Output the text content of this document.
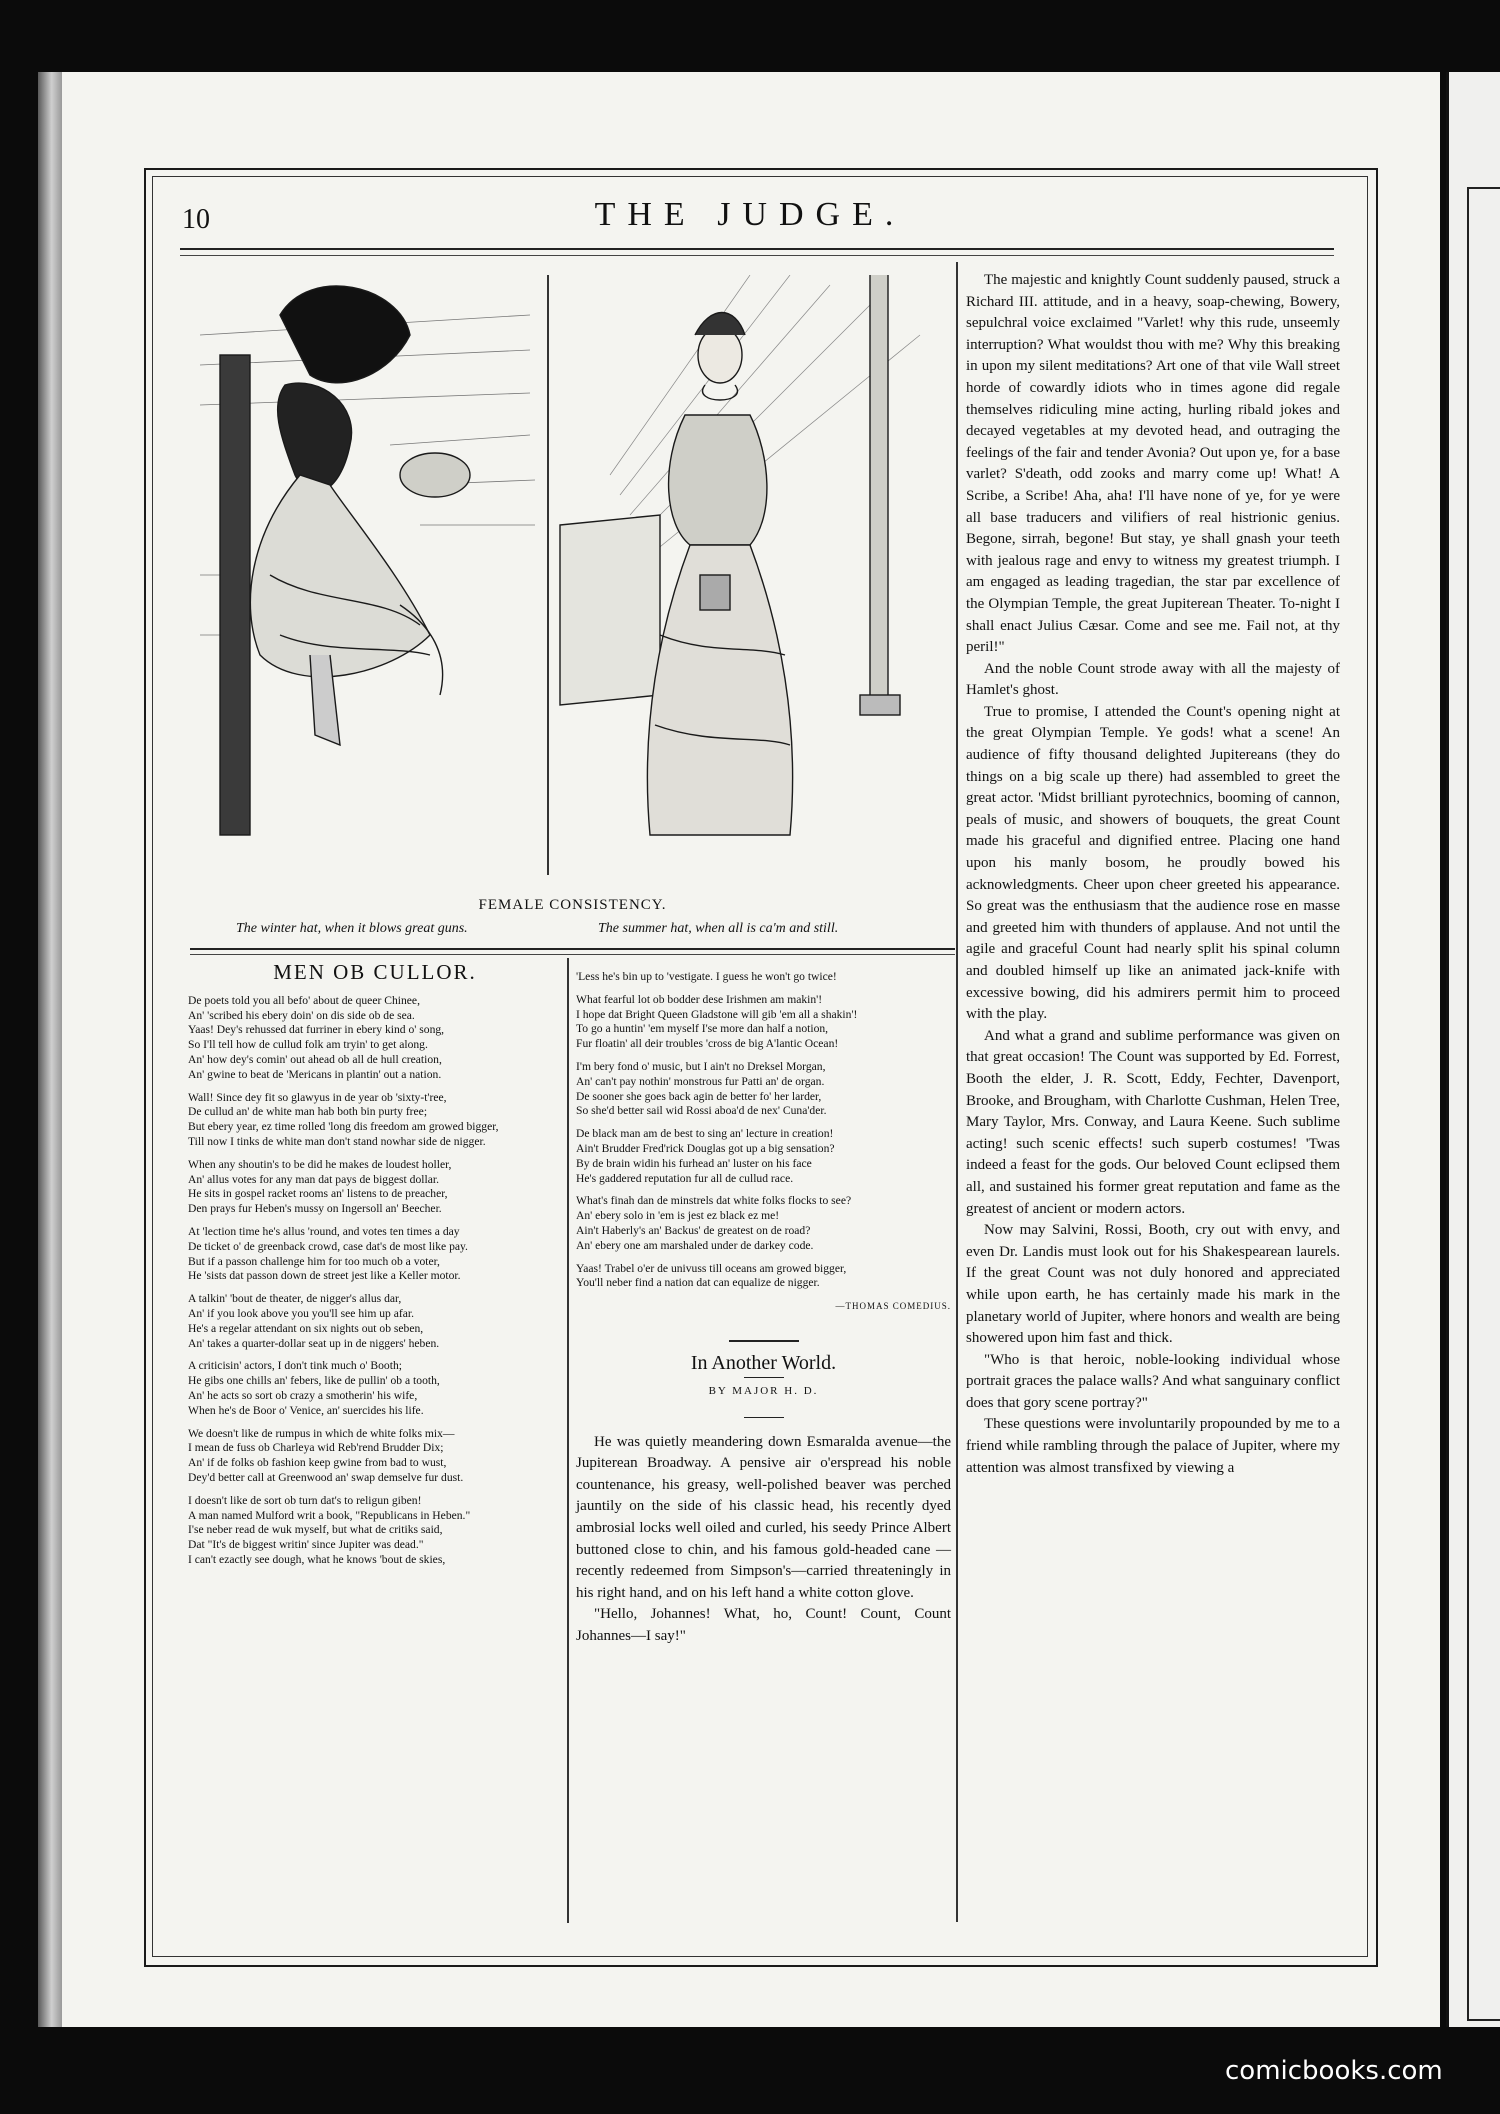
10	THE JUDGE.
FEMALE CONSISTENCY.
The winter hat, when it blows great guns.	The summer hat, when all is ca'm and still.
MEN OB CULLOR.
De poets told you all befo' about de queer Chinee,
An' 'scribed his ebery doin' on dis side ob de sea.
Yaas! Dey's rehussed dat furriner in ebery kind o' song,
So I'll tell how de cullud folk am tryin' to get along.
An' how dey's comin' out ahead ob all de hull creation,
An' gwine to beat de 'Mericans in plantin' out a nation.
Wall! Since dey fit so glawyus in de year ob 'sixty-t'ree,
De cullud an' de white man hab both bin purty free;
But ebery year, ez time rolled 'long dis freedom am growed bigger,
Till now I tinks de white man don't stand nowhar side de nigger.
When any shoutin's to be did he makes de loudest holler,
An' allus votes for any man dat pays de biggest dollar.
He sits in gospel racket rooms an' listens to de preacher,
Den prays fur Heben's mussy on Ingersoll an' Beecher.
At 'lection time he's allus 'round, and votes ten times a day
De ticket o' de greenback crowd, case dat's de most like pay.
But if a passon challenge him for too much ob a voter,
He 'sists dat passon down de street jest like a Keller motor.
A talkin' 'bout de theater, de nigger's allus dar,
An' if you look above you you'll see him up afar.
He's a regelar attendant on six nights out ob seben,
An' takes a quarter-dollar seat up in de niggers' heben.
A criticisin' actors, I don't tink much o' Booth;
He gibs one chills an' febers, like de pullin' ob a tooth,
An' he acts so sort ob crazy a smotherin' his wife,
When he's de Boor o' Venice, an' suercides his life.
We doesn't like de rumpus in which de white folks mix—
I mean de fuss ob Charleya wid Reb'rend Brudder Dix;
An' if de folks ob fashion keep gwine from bad to wust,
Dey'd better call at Greenwood an' swap demselve fur dust.
I doesn't like de sort ob turn dat's to religun giben!
A man named Mulford writ a book, "Republicans in Heben."
I'se neber read de wuk myself, but what de critiks said,
Dat "It's de biggest writin' since Jupiter was dead."
I can't ezactly see dough, what he knows 'bout de skies,
'Less he's bin up to 'vestigate. I guess he won't go twice!
What fearful lot ob bodder dese Irishmen am makin'!
I hope dat Bright Queen Gladstone will gib 'em all a shakin'!
To go a huntin' 'em myself I'se more dan half a notion,
Fur floatin' all deir troubles 'cross de big A'lantic Ocean!
I'm bery fond o' music, but I ain't no Dreksel Morgan,
An' can't pay nothin' monstrous fur Patti an' de organ.
De sooner she goes back agin de better fo' her larder,
So she'd better sail wid Rossi aboa'd de nex' Cuna'der.
De black man am de best to sing an' lecture in creation!
Ain't Brudder Fred'rick Douglas got up a big sensation?
By de brain widin his furhead an' luster on his face
He's gaddered reputation fur all de cullud race.
What's finah dan de minstrels dat white folks flocks to see?
An' ebery solo in 'em is jest ez black ez me!
Ain't Haberly's an' Backus' de greatest on de road?
An' ebery one am marshaled under de darkey code.
Yaas! Trabel o'er de univuss till oceans am growed bigger,
You'll neber find a nation dat can equalize de nigger.
—THOMAS COMEDIUS.
In Another World.
BY MAJOR H. D.

He was quietly meandering down Esmaralda avenue—the Jupiterean Broadway. A pensive air o'erspread his noble countenance, his greasy, well-polished beaver was perched jauntily on the side of his classic head, his recently dyed ambrosial locks well oiled and curled, his seedy Prince Albert buttoned close to chin, and his famous gold-headed cane —recently redeemed from Simpson's—carried threateningly in his right hand, and on his left hand a white cotton glove.

"Hello, Johannes! What, ho, Count! Count, Count Johannes—I say!"

The majestic and knightly Count suddenly paused, struck a Richard III. attitude, and in a heavy, soap-chewing, Bowery, sepulchral voice exclaimed "Varlet! why this rude, unseemly interruption? What wouldst thou with me? Why this breaking in upon my silent meditations? Art one of that vile Wall street horde of cowardly idiots who in times agone did regale themselves ridiculing mine acting, hurling ribald jokes and decayed vegetables at my devoted head, and outraging the feelings of the fair and tender Avonia? Out upon ye, for a base varlet? S'death, odd zooks and marry come up! What! A Scribe, a Scribe! Aha, aha! I'll have none of ye, for ye were all base traducers and vilifiers of real histrionic genius. Begone, sirrah, begone! But stay, ye shall gnash your teeth with jealous rage and envy to witness my greatest triumph. I am engaged as leading tragedian, the star par excellence of the Olympian Temple, the great Jupiterean Theater. To-night I shall enact Julius Cæsar. Come and see me. Fail not, at thy peril!"

And the noble Count strode away with all the majesty of Hamlet's ghost.

True to promise, I attended the Count's opening night at the great Olympian Temple. Ye gods! what a scene! An audience of fifty thousand delighted Jupitereans (they do things on a big scale up there) had assembled to greet the great actor. 'Midst brilliant pyrotechnics, booming of cannon, peals of music, and showers of bouquets, the great Count made his graceful and dignified entree. Placing one hand upon his manly bosom, he proudly bowed his acknowledgments. Cheer upon cheer greeted his appearance. So great was the enthusiasm that the audience rose en masse and greeted him with thunders of applause. And not until the agile and graceful Count had nearly split his spinal column and doubled himself up like an animated jack-knife with excessive bowing, did his admirers permit him to proceed with the play.

And what a grand and sublime performance was given on that great occasion! The Count was supported by Ed. Forrest, Booth the elder, J. R. Scott, Eddy, Fechter, Davenport, Brooke, and Brougham, with Charlotte Cushman, Helen Tree, Mary Taylor, Mrs. Conway, and Laura Keene. Such sublime acting! such scenic effects! such superb costumes! 'Twas indeed a feast for the gods. Our beloved Count eclipsed them all, and sustained his former great reputation and fame as the greatest of ancient or modern actors.

Now may Salvini, Rossi, Booth, cry out with envy, and even Dr. Landis must look out for his Shakespearean laurels. If the great Count was not duly honored and appreciated while upon earth, he has certainly made his mark in the planetary world of Jupiter, where honors and wealth are being showered upon him fast and thick.

"Who is that heroic, noble-looking individual whose portrait graces the palace walls? And what sanguinary conflict does that gory scene portray?"

These questions were involuntarily propounded by me to a friend while rambling through the palace of Jupiter, where my attention was almost transfixed by viewing a

comicbooks.com
